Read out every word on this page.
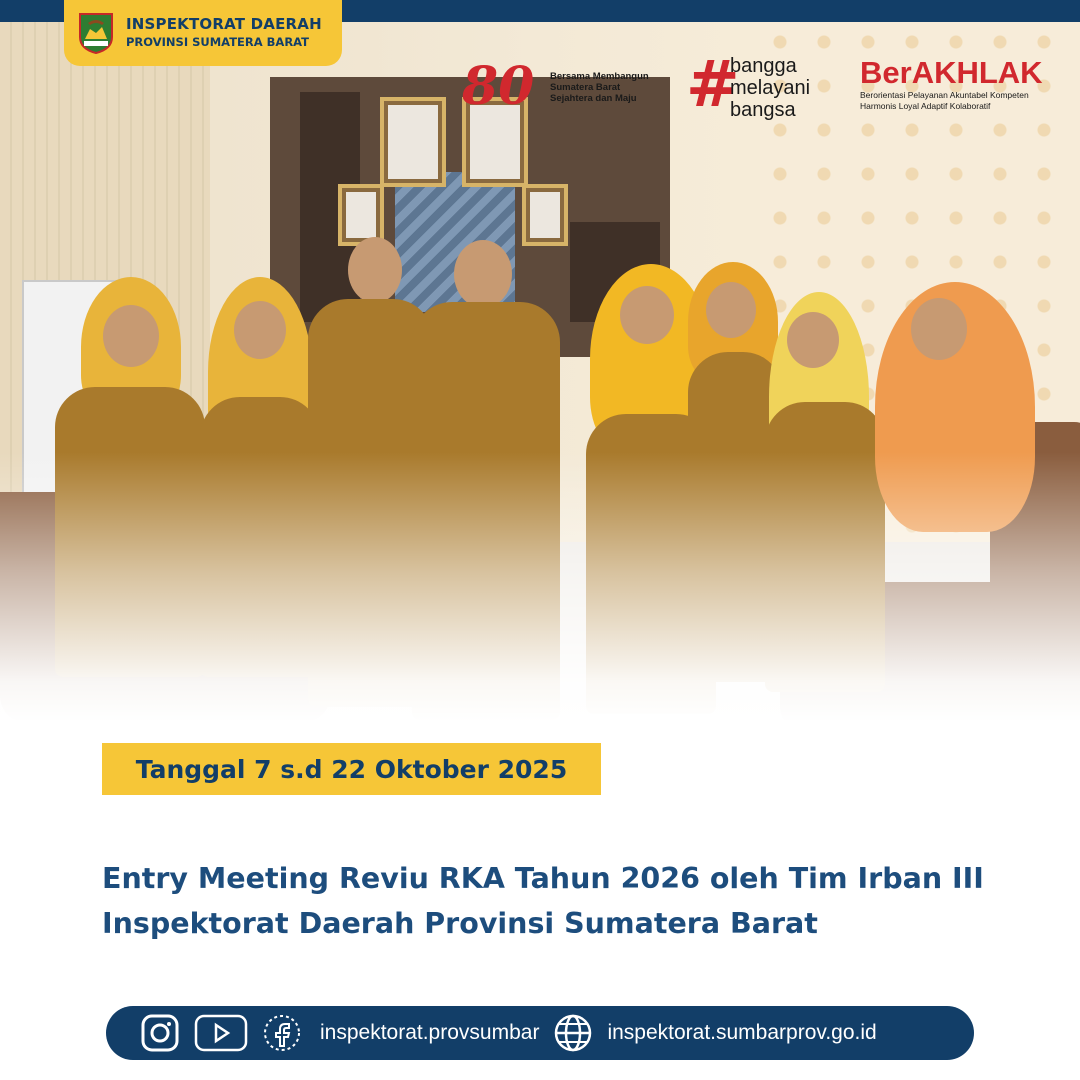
INSPEKTORAT DAERAH
PROVINSI SUMATERA BARAT
80	Bersama Membangun
Sumatera Barat
Sejahtera dan Maju #
bangga
melayani
bangsa
BerAKHLAK
Berorientasi Pelayanan Akuntabel Kompeten
Harmonis Loyal Adaptif Kolaboratif
Tanggal 7 s.d 22 Oktober 2025
Entry Meeting Reviu RKA Tahun 2026 oleh Tim Irban III
Inspektorat Daerah Provinsi Sumatera Barat
inspektorat.provsumbar	inspektorat.sumbarprov.go.id
